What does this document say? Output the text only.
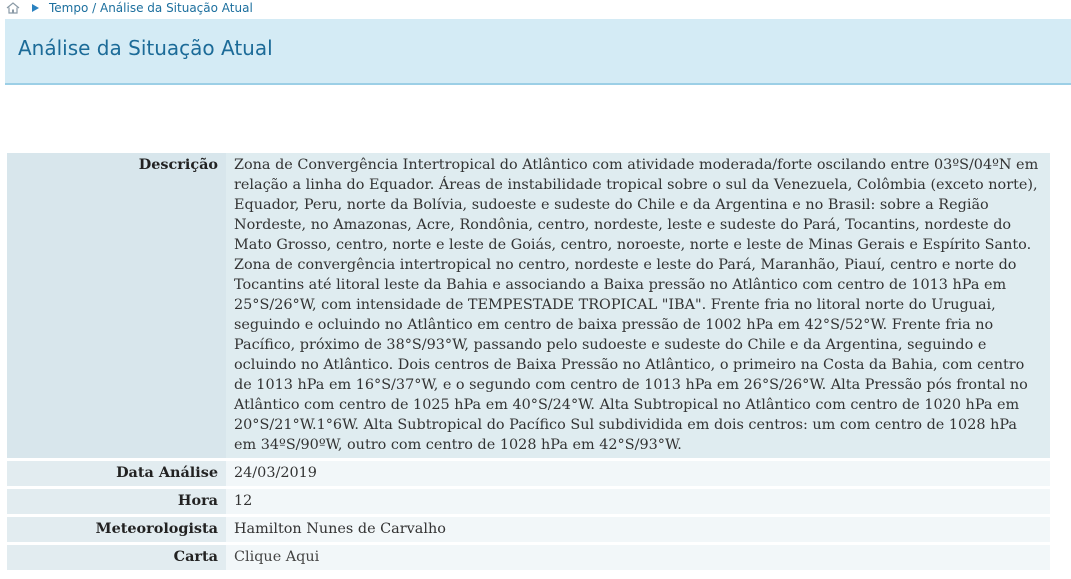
Tempo / Análise da Situação Atual
Análise da Situação Atual
Descrição	Zona de Convergência Intertropical do Atlântico com atividade moderada/forte oscilando entre 03ºS/04ºN em relação a linha do Equador. Áreas de instabilidade tropical sobre o sul da Venezuela, Colômbia (exceto norte), Equador, Peru, norte da Bolívia, sudoeste e sudeste do Chile e da Argentina e no Brasil: sobre a Região Nordeste, no Amazonas, Acre, Rondônia, centro, nordeste, leste e sudeste do Pará, Tocantins, nordeste do Mato Grosso, centro, norte e leste de Goiás, centro, noroeste, norte e leste de Minas Gerais e Espírito Santo. Zona de convergência intertropical no centro, nordeste e leste do Pará, Maranhão, Piauí, centro e norte do Tocantins até litoral leste da Bahia e associando a Baixa pressão no Atlântico com centro de 1013 hPa em 25°S/26°W, com intensidade de TEMPESTADE TROPICAL "IBA". Frente fria no litoral norte do Uruguai, seguindo e ocluindo no Atlântico em centro de baixa pressão de 1002 hPa em 42°S/52°W. Frente fria no Pacífico, próximo de 38°S/93°W, passando pelo sudoeste e sudeste do Chile e da Argentina, seguindo e ocluindo no Atlântico. Dois centros de Baixa Pressão no Atlântico, o primeiro na Costa da Bahia, com centro de 1013 hPa em 16°S/37°W, e o segundo com centro de 1013 hPa em 26°S/26°W. Alta Pressão pós frontal no Atlântico com centro de 1025 hPa em 40°S/24°W. Alta Subtropical no Atlântico com centro de 1020 hPa em 20°S/21°W.1°6W. Alta Subtropical do Pacífico Sul subdividida em dois centros: um com centro de 1028 hPa em 34ºS/90ºW, outro com centro de 1028 hPa em 42°S/93°W.
Data Análise	24/03/2019
Hora	12
Meteorologista	Hamilton Nunes de Carvalho
Carta	Clique Aqui
